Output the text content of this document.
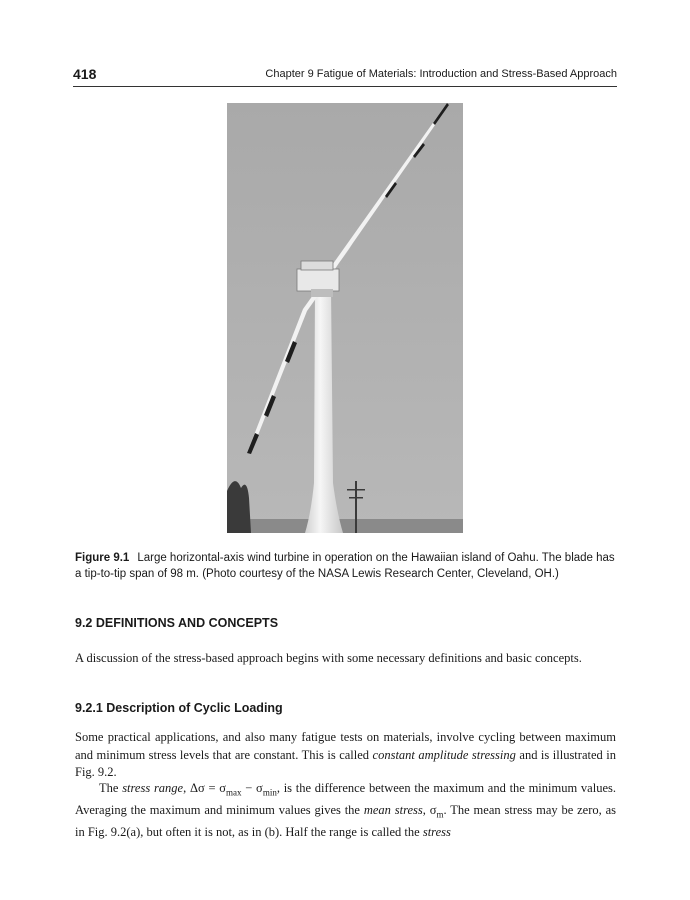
418	Chapter 9 Fatigue of Materials: Introduction and Stress-Based Approach
Figure 9.1 Large horizontal-axis wind turbine in operation on the Hawaiian island of Oahu. The blade has a tip-to-tip span of 98 m. (Photo courtesy of the NASA Lewis Research Center, Cleveland, OH.)
9.2 DEFINITIONS AND CONCEPTS
A discussion of the stress-based approach begins with some necessary definitions and basic concepts.
9.2.1 Description of Cyclic Loading
Some practical applications, and also many fatigue tests on materials, involve cycling between maximum and minimum stress levels that are constant. This is called constant amplitude stressing and is illustrated in Fig. 9.2.
The stress range, $\Delta\sigma = \sigma_{max} - \sigma_{min}$, is the difference between the maximum and the minimum values. Averaging the maximum and minimum values gives the mean stress, $\sigma_m$. The mean stress may be zero, as in Fig. 9.2(a), but often it is not, as in (b). Half the range is called the stress
